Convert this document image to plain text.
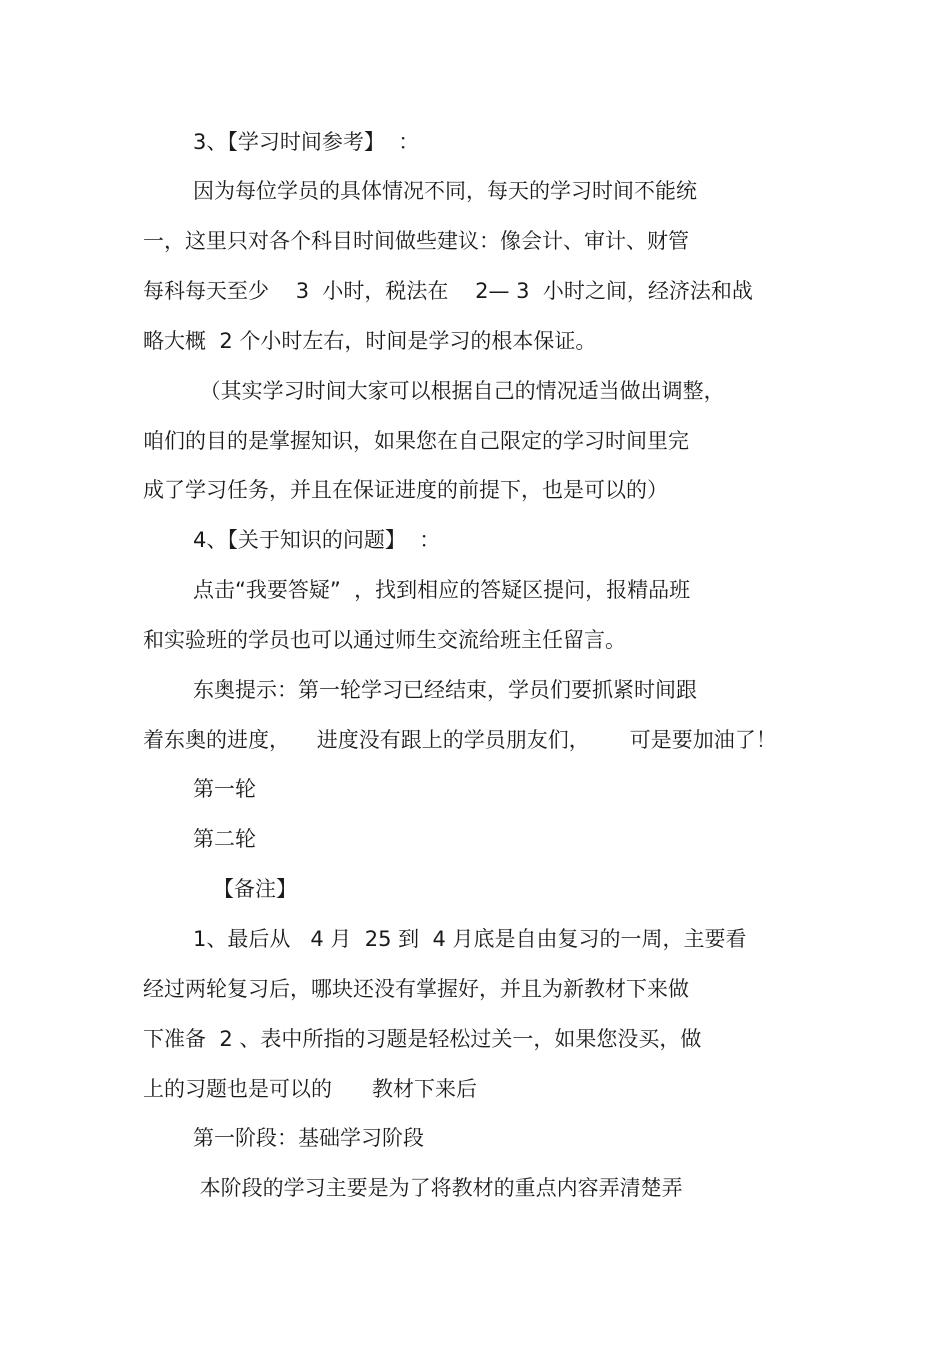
3、【学习时间参考】  ：
因为每位学员的具体情况不同，每天的学习时间不能统
一，这里只对各个科目时间做些建议：像会计、审计、财管
每科每天至少    3  小时，税法在    2— 3  小时之间，经济法和战
略大概  2 个小时左右，时间是学习的根本保证。
（其实学习时间大家可以根据自己的情况适当做出调整，
咱们的目的是掌握知识，如果您在自己限定的学习时间里完
成了学习任务，并且在保证进度的前提下，也是可以的）
4、【关于知识的问题】  ：
点击“我要答疑”  ，找到相应的答疑区提问，报精品班
和实验班的学员也可以通过师生交流给班主任留言。
东奥提示：第一轮学习已经结束，学员们要抓紧时间跟
着东奥的进度，    进度没有跟上的学员朋友们，      可是要加油了！
第一轮
第二轮
【备注】
1、最后从   4 月  25 到  4 月底是自由复习的一周，主要看
经过两轮复习后，哪块还没有掌握好，并且为新教材下来做
下准备  2 、表中所指的习题是轻松过关一，如果您没买，做
上的习题也是可以的      教材下来后
第一阶段：基础学习阶段
本阶段的学习主要是为了将教材的重点内容弄清楚弄
